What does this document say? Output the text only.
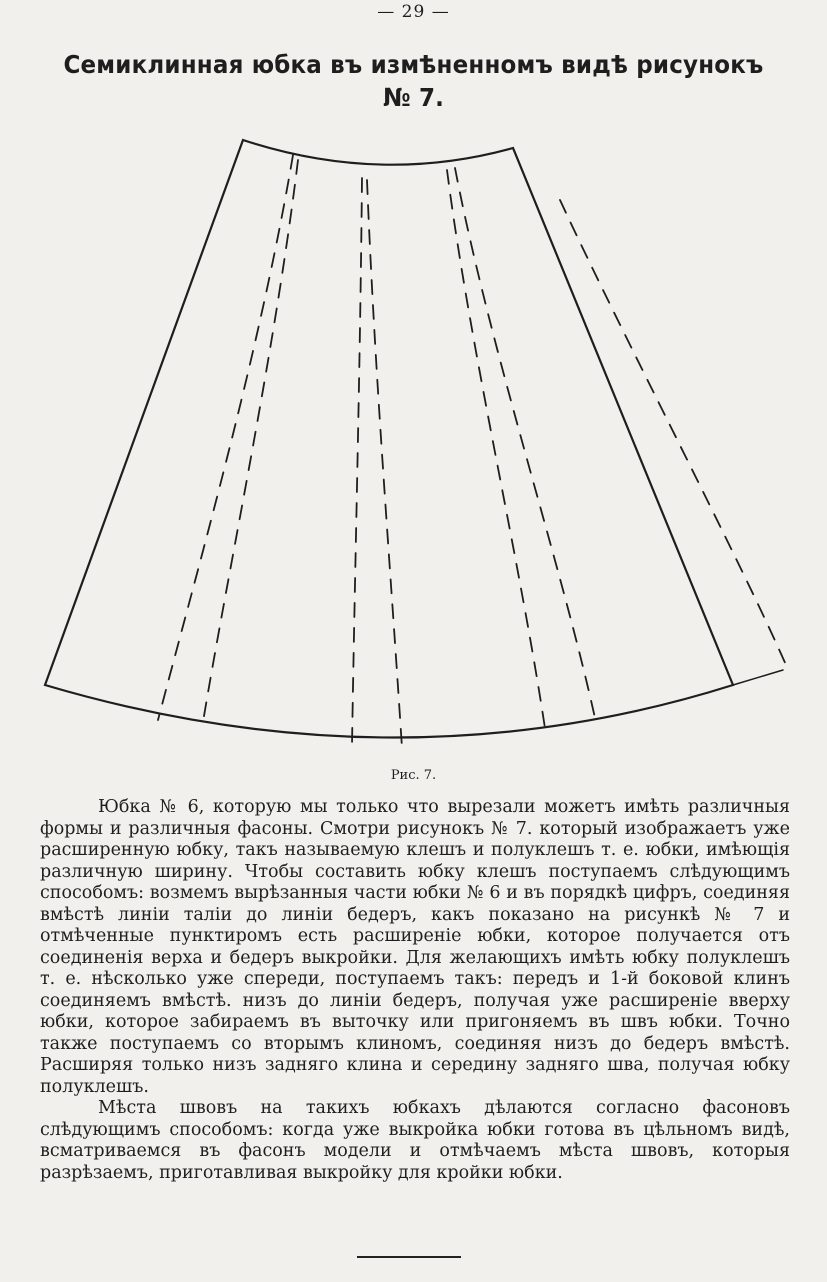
— 29 —
Семиклинная юбка въ измѣненномъ видѣ рисунокъ
№ 7.
Рис. 7.

Юбка № 6, которую мы только что вырезали можетъ имѣть различныя формы и различныя фасоны. Смотри рисунокъ № 7. который изображаетъ уже расширенную юбку, такъ называемую клешъ и полуклешъ т. е. юбки, имѣющія различную ширину. Чтобы составить юбку клешъ поступаемъ слѣдующимъ способомъ: возмемъ вырѣзанныя части юбки № 6 и въ порядкѣ цифръ, соединяя вмѣстѣ линіи таліи до линіи бедеръ, какъ показано на рисункѣ № 7 и отмѣченные пунктиромъ есть расширеніе юбки, которое получается отъ соединенія верха и бедеръ выкройки. Для желающихъ имѣть юбку полуклешъ т. е. нѣсколько уже спереди, поступаемъ такъ: передъ и 1-й боковой клинъ соединяемъ вмѣстѣ. низъ до линіи бедеръ, получая уже расширеніе вверху юбки, которое забираемъ въ выточку или пригоняемъ въ швъ юбки. Точно также поступаемъ со вторымъ клиномъ, соединяя низъ до бедеръ вмѣстѣ. Расширяя только низъ задняго клина и середину задняго шва, получая юбку полуклешъ.

Мѣста швовъ на такихъ юбкахъ дѣлаются согласно фасоновъ слѣдующимъ способомъ: когда уже выкройка юбки готова въ цѣльномъ видѣ, всматриваемся въ фасонъ модели и отмѣчаемъ мѣста швовъ, которыя разрѣзаемъ, приготавливая выкройку для кройки юбки.
